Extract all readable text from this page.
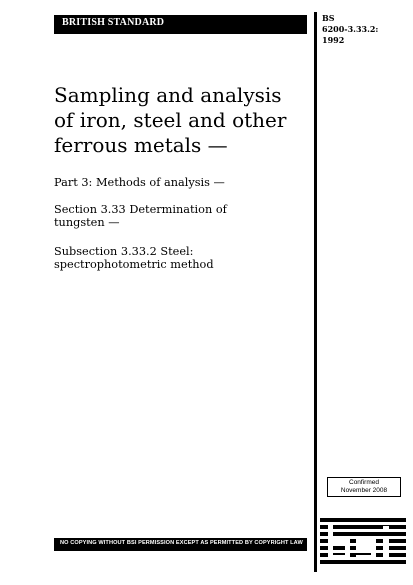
BRITISH STANDARD	BS
6200-3.33.2:
1992
Sampling and analysis
of iron, steel and other
ferrous metals —
Part 3: Methods of analysis —
Section 3.33 Determination of
tungsten —
Subsection 3.33.2 Steel:
spectrophotometric method
Confirmed
November 2008
NO COPYING WITHOUT BSI PERMISSION EXCEPT AS PERMITTED BY COPYRIGHT LAW
